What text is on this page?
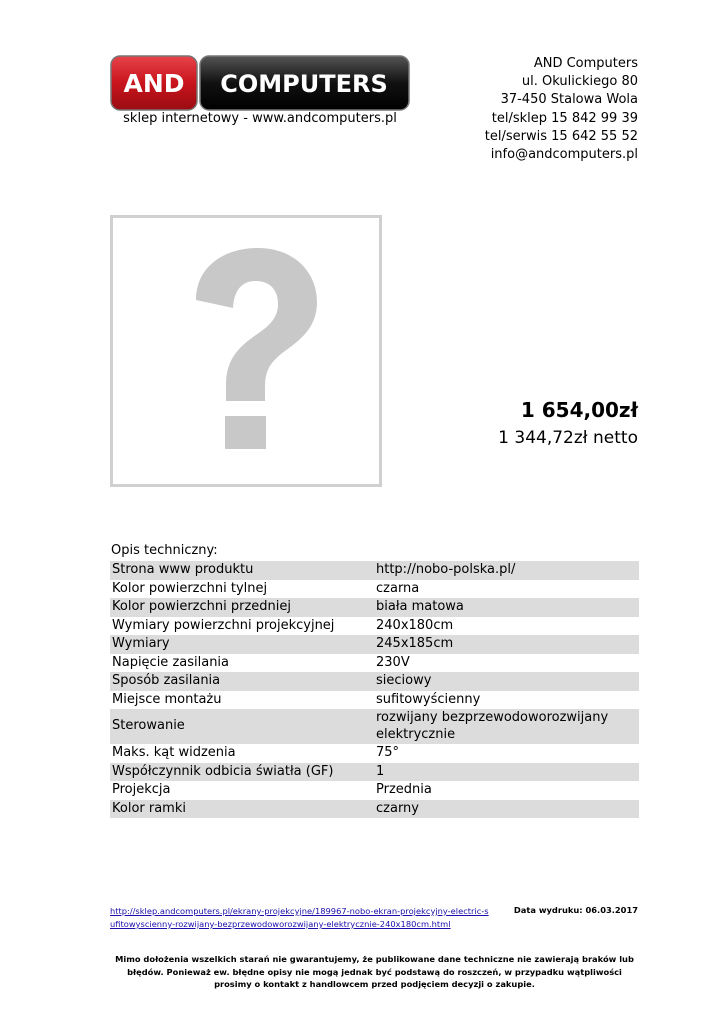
AND COMPUTERS
sklep internetowy - www.andcomputers.pl
AND Computers
ul. Okulickiego 80
37-450 Stalowa Wola
tel/sklep 15 842 99 39
tel/serwis 15 642 55 52
info@andcomputers.pl
1 654,00zł
1 344,72zł netto
Opis techniczny:
Strona www produktu	http://nobo-polska.pl/
Kolor powierzchni tylnej	czarna
Kolor powierzchni przedniej	biała matowa
Wymiary powierzchni projekcyjnej	240x180cm
Wymiary	245x185cm
Napięcie zasilania	230V
Sposób zasilania	sieciowy
Miejsce montażu	sufitowyścienny
Sterowanie	rozwijany bezprzewodoworozwijany elektrycznie
Maks. kąt widzenia	75°
Współczynnik odbicia światła (GF)	1
Projekcja	Przednia
Kolor ramki	czarny
http://sklep.andcomputers.pl/ekrany-projekcyjne/189967-nobo-ekran-projekcyjny-electric-sufitowyscienny-rozwijany-bezprzewodoworozwijany-elektrycznie-240x180cm.html
Data wydruku: 06.03.2017
Mimo dołożenia wszelkich starań nie gwarantujemy, że publikowane dane techniczne nie zawierają braków lub błędów. Ponieważ ew. błędne opisy nie mogą jednak być podstawą do roszczeń, w przypadku wątpliwości prosimy o kontakt z handlowcem przed podjęciem decyzji o zakupie.
